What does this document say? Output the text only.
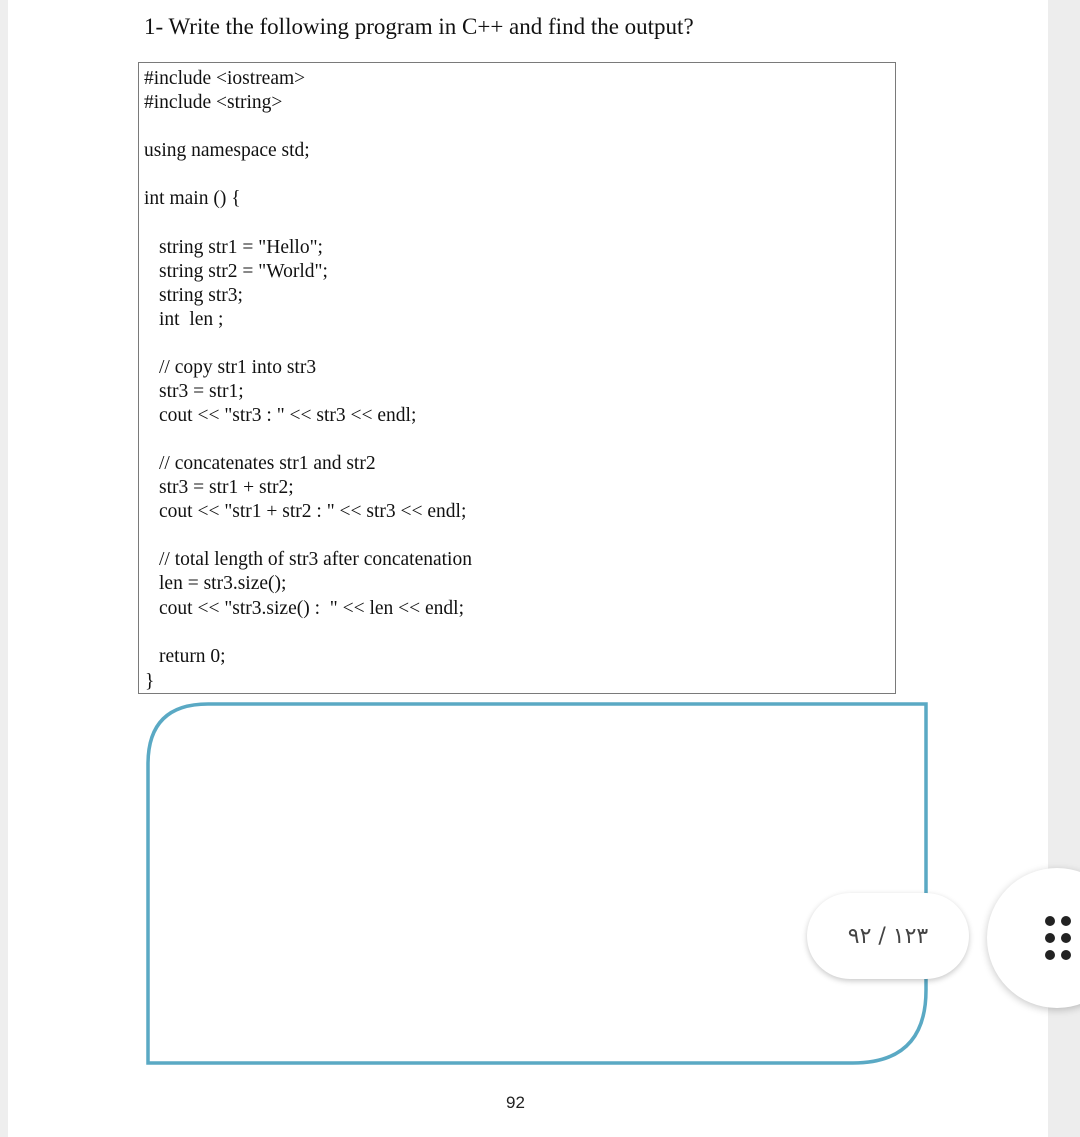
1- Write the following program in C++ and find the output?
#include <iostream>
#include <string>
using namespace std;
int main () {
string str1 = "Hello";
string str2 = "World";
string str3;
int  len ;
// copy str1 into str3
str3 = str1;
cout << "str3 : " << str3 << endl;
// concatenates str1 and str2
str3 = str1 + str2;
cout << "str1 + str2 : " << str3 << endl;
// total length of str3 after concatenation
len = str3.size();
cout << "str3.size() :  " << len << endl;
return 0;
}
92
١٢٣ / ٩٢
